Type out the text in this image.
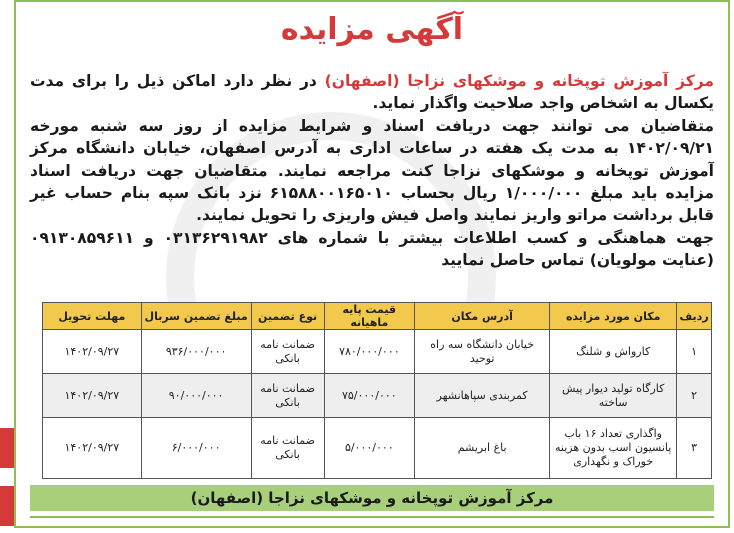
آگهی مزایده

مرکز آموزش توپخانه و موشکهای نزاجا (اصفهان) در نظر دارد اماکن ذیل را برای مدت یکسال به اشخاص واجد صلاحیت واگذار نماید.

متقاضیان می توانند جهت دریافت اسناد و شرایط مزایده از روز سه شنبه مورخه ۱۴۰۲/۰۹/۲۱ به مدت یک هفته در ساعات اداری به آدرس اصفهان، خیابان دانشگاه مرکز آموزش توپخانه و موشکهای نزاجا کنت مراجعه نمایند. متقاضیان جهت دریافت اسناد مزایده باید مبلغ ۱/۰۰۰/۰۰۰ ریال بحساب ۶۱۵۸۸۰۰۱۶۵۰۱۰ نزد بانک سپه بنام حساب غیر قابل برداشت مراتو واریز نمایند واصل فیش واریزی را تحویل نمایند.

جهت هماهنگی و کسب اطلاعات بیشتر با شماره های ۰۳۱۳۶۲۹۱۹۸۲ و ۰۹۱۳۰۸۵۹۶۱۱ (عنایت مولویان) تماس حاصل نمایید

ردیف	مکان مورد مزایده	آدرس مکان	قیمت پایه ماهیانه	نوع تضمین	مبلغ تضمین سربال	مهلت تحویل
۱	کارواش و شلنگ	خیابان دانشگاه سه راه توحید	۷۸۰/۰۰۰/۰۰۰	ضمانت نامه بانکی	۹۳۶/۰۰۰/۰۰۰	۱۴۰۲/۰۹/۲۷
۲	کارگاه تولید دیوار پیش ساخته	کمربندی سپاهانشهر	۷۵/۰۰۰/۰۰۰	ضمانت نامه بانکی	۹۰/۰۰۰/۰۰۰	۱۴۰۲/۰۹/۲۷
۳	واگذاری تعداد ۱۶ باب پانسیون اسب بدون هزینه خوراک و نگهداری	باغ ابریشم	۵/۰۰۰/۰۰۰	ضمانت نامه بانکی	۶/۰۰۰/۰۰۰	۱۴۰۲/۰۹/۲۷
مرکز آموزش توپخانه و موشکهای نزاجا (اصفهان)
